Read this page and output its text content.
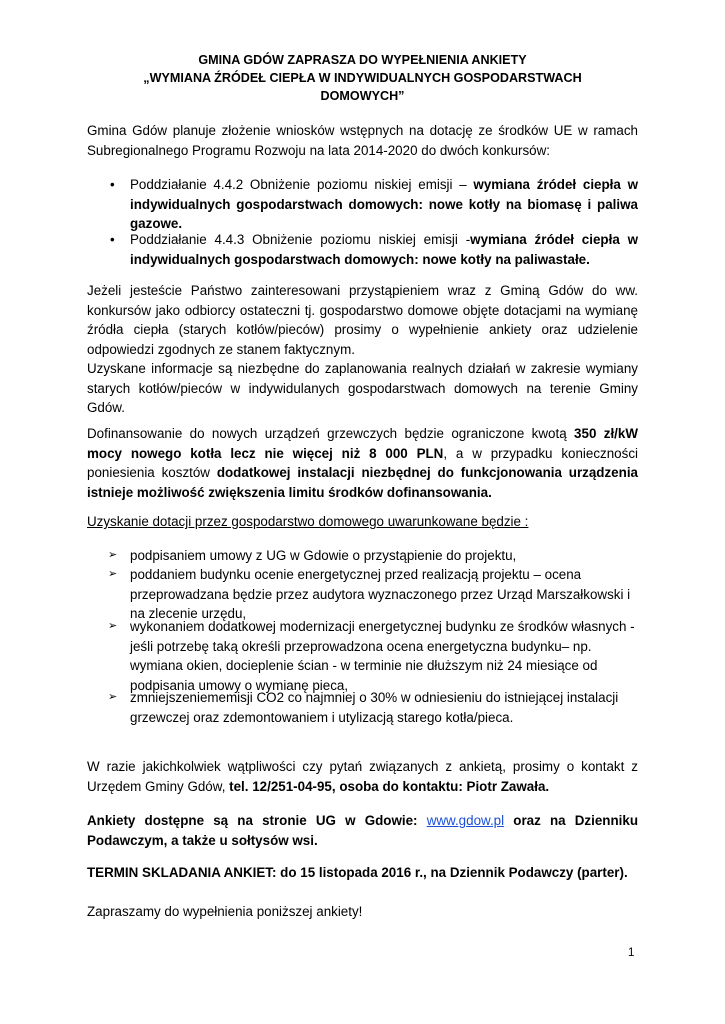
GMINA GDÓW ZAPRASZA DO WYPEŁNIENIA ANKIETY
„WYMIANA ŹRÓDEŁ CIEPŁA W INDYWIDUALNYCH GOSPODARSTWACH
DOMOWYCH”
Gmina Gdów planuje złożenie wniosków wstępnych na dotację ze środków UE w ramach Subregionalnego Programu Rozwoju na lata 2014-2020 do dwóch konkursów:
• Poddziałanie 4.4.2 Obniżenie poziomu niskiej emisji – wymiana źródeł ciepła w indywidualnych gospodarstwach domowych: nowe kotły na biomasę i paliwa gazowe.
• Poddziałanie 4.4.3 Obniżenie poziomu niskiej emisji -wymiana źródeł ciepła w indywidualnych gospodarstwach domowych: nowe kotły na paliwastałe.
Jeżeli jesteście Państwo zainteresowani przystąpieniem wraz z Gminą Gdów do ww. konkursów jako odbiorcy ostateczni tj. gospodarstwo domowe objęte dotacjami na wymianę źródła ciepła (starych kotłów/pieców) prosimy o wypełnienie ankiety oraz udzielenie odpowiedzi zgodnych ze stanem faktycznym.
Uzyskane informacje są niezbędne do zaplanowania realnych działań w zakresie wymiany starych kotłów/pieców w indywidulanych gospodarstwach domowych na terenie Gminy Gdów.
Dofinansowanie do nowych urządzeń grzewczych będzie ograniczone kwotą 350 zł/kW mocy nowego kotła lecz nie więcej niż 8 000 PLN, a w przypadku konieczności poniesienia kosztów dodatkowej instalacji niezbędnej do funkcjonowania urządzenia istnieje możliwość zwiększenia limitu środków dofinansowania.
Uzyskanie dotacji przez gospodarstwo domowego uwarunkowane będzie :
➢ podpisaniem umowy z UG w Gdowie o przystąpienie do projektu,
➢ poddaniem budynku ocenie energetycznej przed realizacją projektu – ocena przeprowadzana będzie przez audytora wyznaczonego przez Urząd Marszałkowski i na zlecenie urzędu,
➢ wykonaniem dodatkowej modernizacji energetycznej budynku ze środków własnych - jeśli potrzebę taką określi przeprowadzona ocena energetyczna budynku– np. wymiana okien, docieplenie ścian - w terminie nie dłuższym niż 24 miesiące od podpisania umowy o wymianę pieca,
➢ zmniejszeniememisji CO2 co najmniej o 30% w odniesieniu do istniejącej instalacji grzewczej oraz zdemontowaniem i utylizacją starego kotła/pieca.
W razie jakichkolwiek wątpliwości czy pytań związanych z ankietą, prosimy o kontakt z Urzędem Gminy Gdów, tel. 12/251-04-95, osoba do kontaktu: Piotr Zawała.
Ankiety dostępne są na stronie UG w Gdowie: www.gdow.pl oraz na Dzienniku Podawczym, a także u sołtysów wsi.
TERMIN SKLADANIA ANKIET: do 15 listopada 2016 r., na Dziennik Podawczy (parter).
Zapraszamy do wypełnienia poniższej ankiety!
1
